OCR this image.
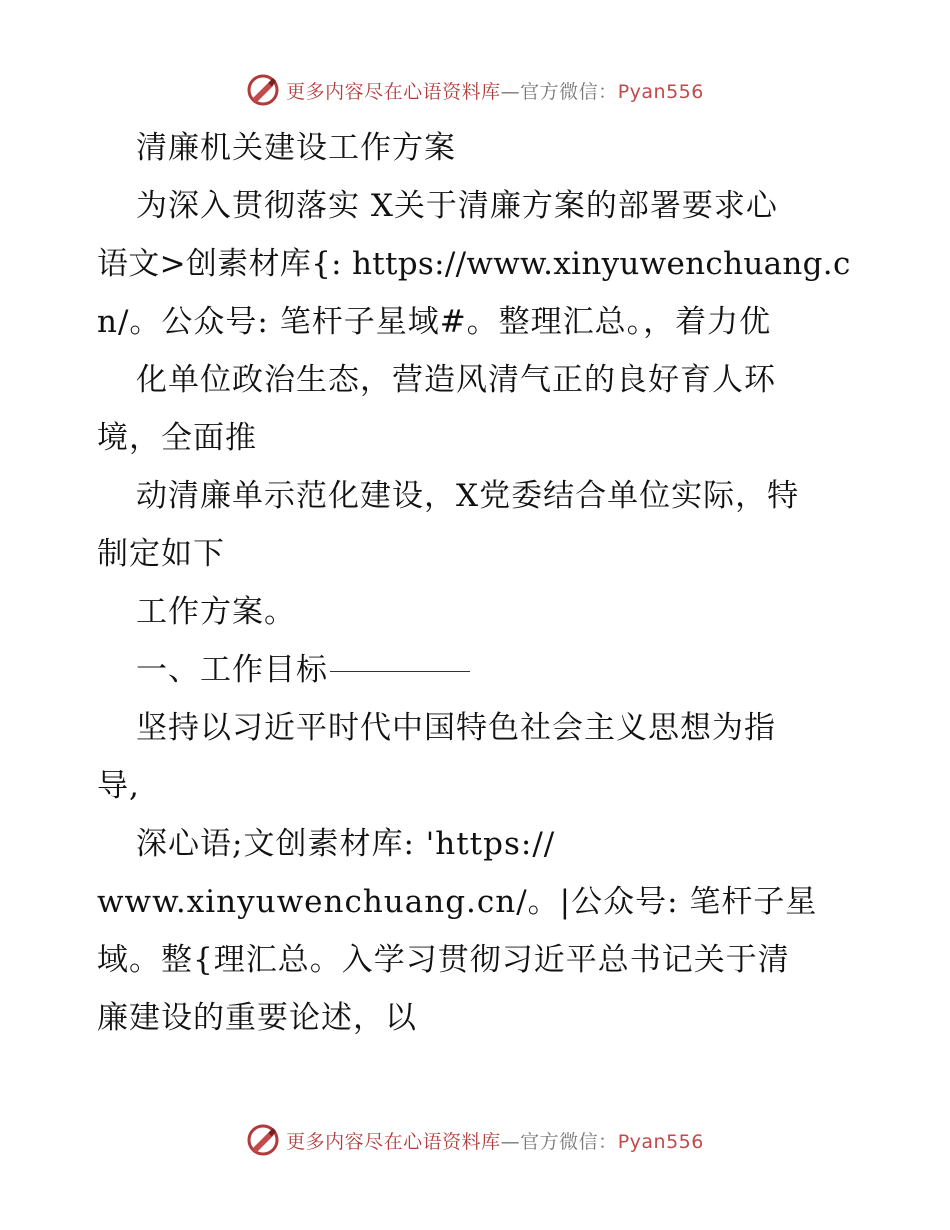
更多内容尽在心语资料库—官方微信：Pyan556
清廉机关建设工作方案
为深入贯彻落实 X关于清廉方案的部署要求心
语文>创素材库{: https://www.xinyuwenchuang.c
n/。公众号: 笔杆子星域#。整理汇总。，着力优
化单位政治生态，营造风清气正的良好育人环
境，全面推
动清廉单示范化建设，X党委结合单位实际，特
制定如下
工作方案。
一、工作目标
坚持以习近平时代中国特色社会主义思想为指
导,
深心语;文创素材库: 'https://
www.xinyuwenchuang.cn/。|公众号: 笔杆子星
域。整{理汇总。入学习贯彻习近平总书记关于清
廉建设的重要论述，以
更多内容尽在心语资料库—官方微信：Pyan556
